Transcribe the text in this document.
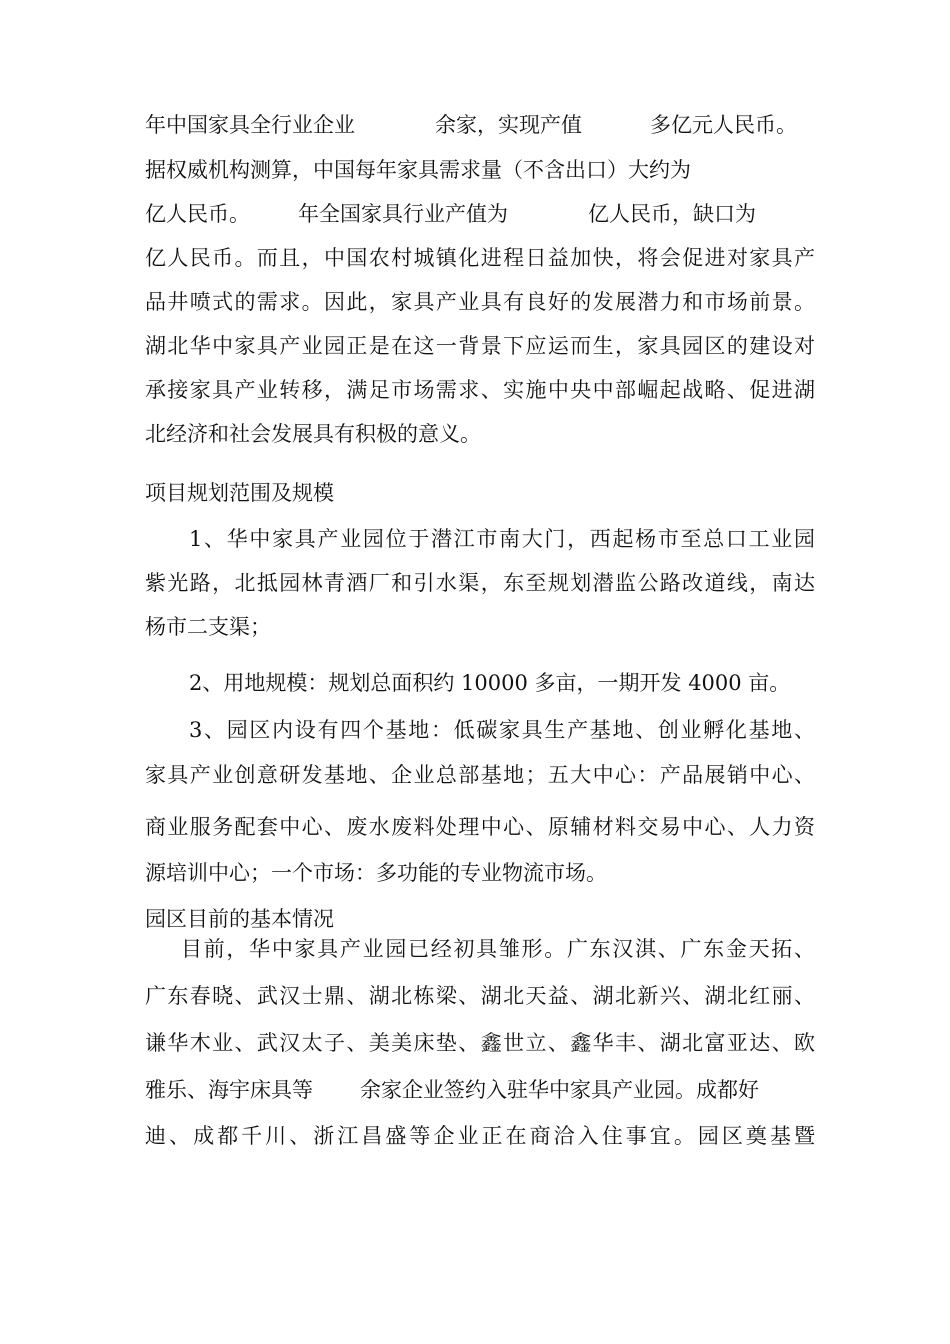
年中国家具全行业企业	余家，实现产值	多亿元人民币。
据权威机构测算，中国每年家具需求量（不含出口）大约为
亿人民币。 年全国家具行业产值为	亿人民币，缺口为
亿人民币。而且，中国农村城镇化进程日益加快，将会促进对家具产
品井喷式的需求。因此，家具产业具有良好的发展潜力和市场前景。
湖北华中家具产业园正是在这一背景下应运而生，家具园区的建设对
承接家具产业转移，满足市场需求、实施中央中部崛起战略、促进湖
北经济和社会发展具有积极的意义。
项目规划范围及规模
1、华中家具产业园位于潜江市南大门，西起杨市至总口工业园
紫光路，北抵园林青酒厂和引水渠，东至规划潜监公路改道线，南达
杨市二支渠；
2、用地规模：规划总面积约 10000 多亩，一期开发 4000 亩。
3、园区内设有四个基地：低碳家具生产基地、创业孵化基地、
家具产业创意研发基地、企业总部基地；五大中心：产品展销中心、
商业服务配套中心、废水废料处理中心、原辅材料交易中心、人力资
源培训中心；一个市场：多功能的专业物流市场。
园区目前的基本情况
目前，华中家具产业园已经初具雏形。广东汉淇、广东金天拓、
广东春晓、武汉士鼎、湖北栋梁、湖北天益、湖北新兴、湖北红丽、
谦华木业、武汉太子、美美床垫、鑫世立、鑫华丰、湖北富亚达、欧
雅乐、海宇床具等 余家企业签约入驻华中家具产业园。成都好
迪、成都千川、浙江昌盛等企业正在商洽入住事宜。园区奠基暨
